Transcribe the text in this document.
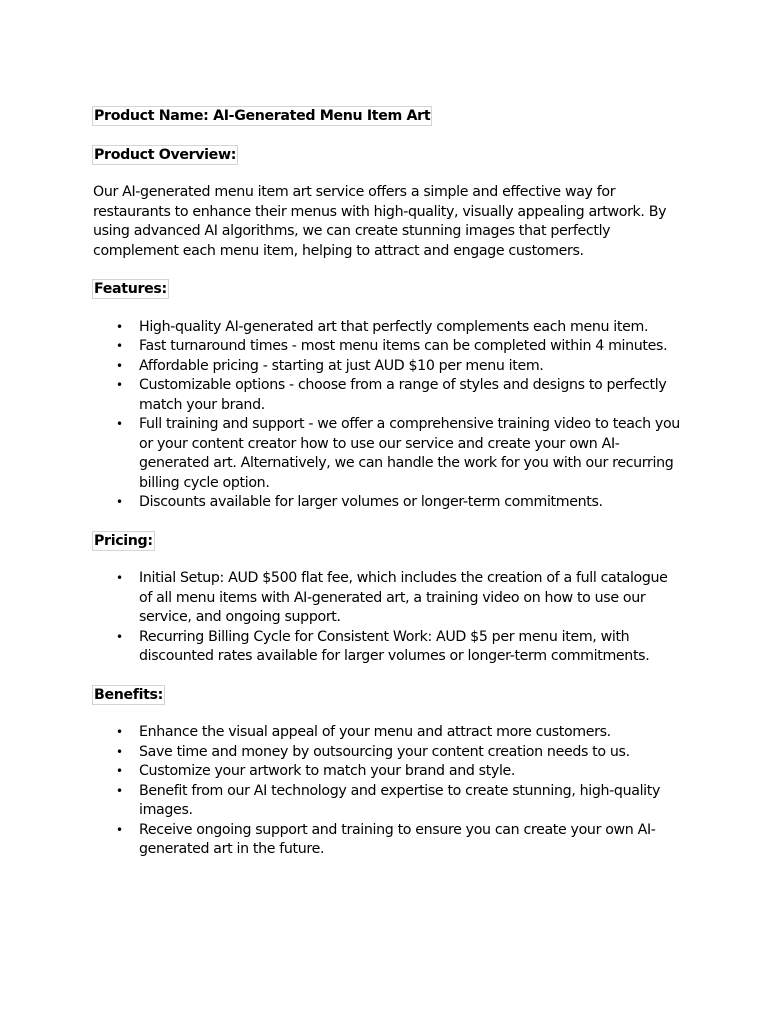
Product Name: AI-Generated Menu Item Art
Product Overview:

Our AI-generated menu item art service offers a simple and effective way for restaurants to enhance their menus with high-quality, visually appealing artwork. By using advanced AI algorithms, we can create stunning images that perfectly complement each menu item, helping to attract and engage customers.

Features:
• High-quality AI-generated art that perfectly complements each menu item.
• Fast turnaround times - most menu items can be completed within 4 minutes.
• Affordable pricing - starting at just AUD $10 per menu item.
• Customizable options - choose from a range of styles and designs to perfectly match your brand.
• Full training and support - we offer a comprehensive training video to teach you or your content creator how to use our service and create your own AI-generated art. Alternatively, we can handle the work for you with our recurring billing cycle option.
• Discounts available for larger volumes or longer-term commitments.
Pricing:
• Initial Setup: AUD $500 flat fee, which includes the creation of a full catalogue of all menu items with AI-generated art, a training video on how to use our service, and ongoing support.
• Recurring Billing Cycle for Consistent Work: AUD $5 per menu item, with discounted rates available for larger volumes or longer-term commitments.
Benefits:
• Enhance the visual appeal of your menu and attract more customers.
• Save time and money by outsourcing your content creation needs to us.
• Customize your artwork to match your brand and style.
• Benefit from our AI technology and expertise to create stunning, high-quality images.
• Receive ongoing support and training to ensure you can create your own AI-generated art in the future.
